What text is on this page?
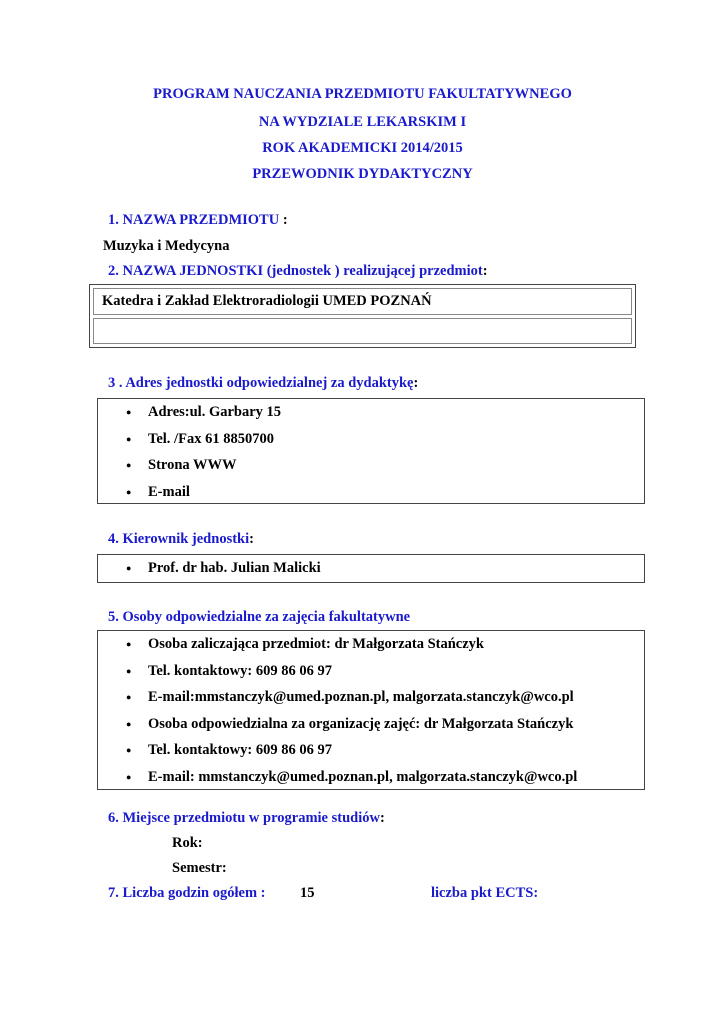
PROGRAM NAUCZANIA PRZEDMIOTU FAKULTATYWNEGO
NA WYDZIALE LEKARSKIM I
ROK AKADEMICKI 2014/2015
PRZEWODNIK DYDAKTYCZNY
1. NAZWA PRZEDMIOTU :
Muzyka i Medycyna
2. NAZWA JEDNOSTKI (jednostek ) realizującej przedmiot:
Katedra i Zakład Elektroradiologii UMED POZNAŃ
3 . Adres jednostki odpowiedzialnej za dydaktykę:
● Adres:ul. Garbary 15
● Tel. /Fax 61 8850700
● Strona WWW
● E-mail
4. Kierownik jednostki:
● Prof. dr hab. Julian Malicki
5. Osoby odpowiedzialne za zajęcia fakultatywne
● Osoba zaliczająca przedmiot: dr Małgorzata Stańczyk
● Tel. kontaktowy: 609 86 06 97
● E-mail:mmstanczyk@umed.poznan.pl, malgorzata.stanczyk@wco.pl
● Osoba odpowiedzialna za organizację zajęć: dr Małgorzata Stańczyk
● Tel. kontaktowy: 609 86 06 97
● E-mail: mmstanczyk@umed.poznan.pl, malgorzata.stanczyk@wco.pl
6. Miejsce przedmiotu w programie studiów:
Rok:
Semestr:
7. Liczba godzin ogółem : 15	liczba pkt ECTS:
